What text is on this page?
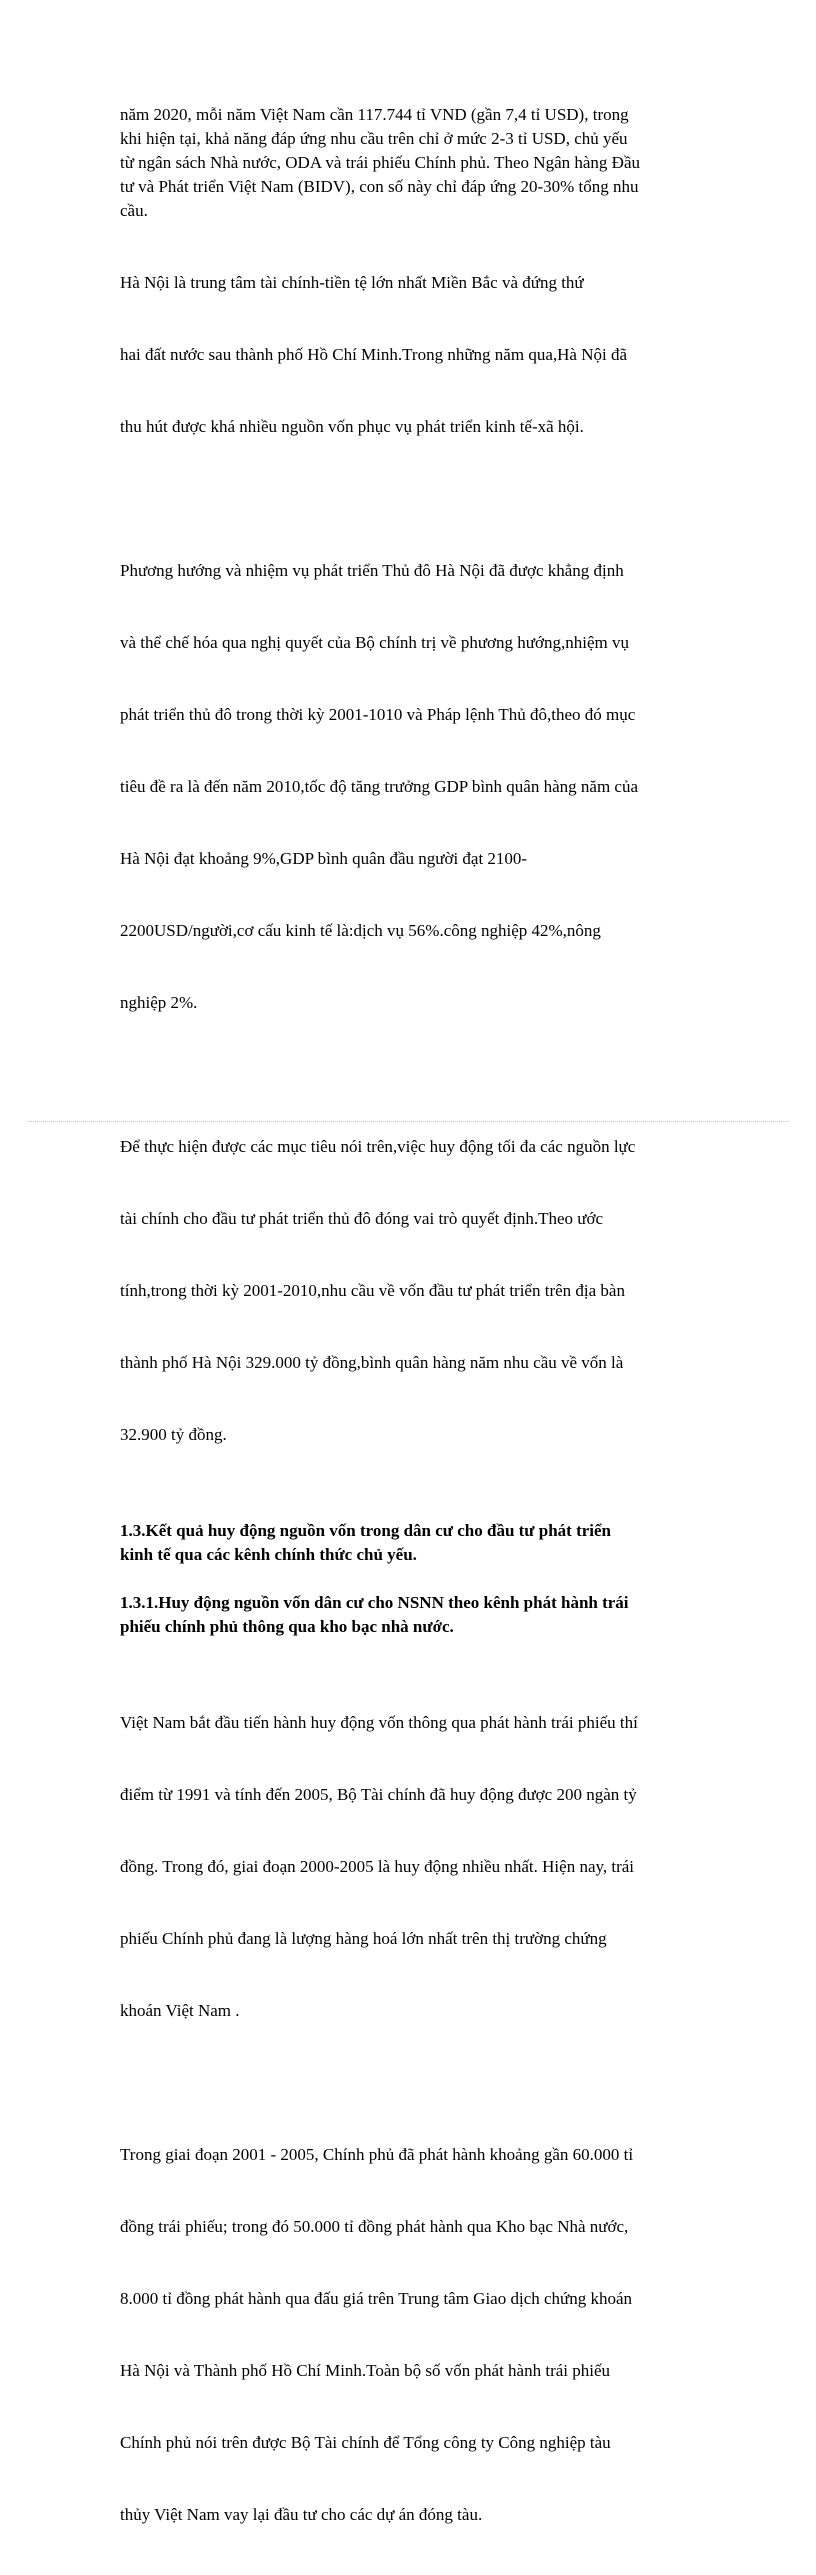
năm 2020, mỗi năm Việt Nam cần 117.744 tỉ VND (gần 7,4 tỉ USD), trong
khi hiện tại, khả năng đáp ứng nhu cầu trên chỉ ở mức 2-3 tỉ USD, chủ yếu
từ ngân sách Nhà nước, ODA và trái phiếu Chính phủ. Theo Ngân hàng Đầu
tư và Phát triển Việt Nam (BIDV), con số này chỉ đáp ứng 20-30% tổng nhu
cầu.

Hà Nội là trung tâm tài chính-tiền tệ lớn nhất Miền Bắc và đứng thứ

hai đất nước sau thành phố Hồ Chí Minh.Trong những năm qua,Hà Nội đã

thu hút được khá nhiều nguồn vốn phục vụ phát triển kinh tế-xã hội.

Phương hướng và nhiệm vụ phát triển Thủ đô Hà Nội đã được khẳng định

và thể chế hóa qua nghị quyết của Bộ chính trị về phương hướng,nhiệm vụ

phát triển thủ đô trong thời kỳ 2001-1010 và Pháp lệnh Thủ đô,theo đó mục

tiêu đề ra là đến năm 2010,tốc độ tăng trưởng GDP bình quân hàng năm của

Hà Nội đạt khoảng 9%,GDP bình quân đầu người đạt 2100-

2200USD/người,cơ cấu kinh tế là:dịch vụ 56%.công nghiệp 42%,nông

nghiệp 2%.

Để thực hiện được các mục tiêu nói trên,việc huy động tối đa các nguồn lực

tài chính cho đầu tư phát triển thủ đô đóng vai trò quyết định.Theo ước

tính,trong thời kỳ 2001-2010,nhu cầu về vốn đầu tư phát triển trên địa bàn

thành phố Hà Nội 329.000 tỷ đồng,bình quân hàng năm nhu cầu về vốn là

32.900 tỷ đồng.

1.3.Kết quả huy động nguồn vốn trong dân cư cho đầu tư phát triển
kinh tế qua các kênh chính thức chủ yếu.
1.3.1.Huy động nguồn vốn dân cư cho NSNN theo kênh phát hành trái
phiếu chính phủ thông qua kho bạc nhà nước.

Việt Nam bắt đầu tiến hành huy động vốn thông qua phát hành trái phiếu thí

điểm từ 1991 và tính đến 2005, Bộ Tài chính đã huy động được 200 ngàn tỷ

đồng. Trong đó, giai đoạn 2000-2005 là huy động nhiều nhất. Hiện nay, trái

phiếu Chính phủ đang là lượng hàng hoá lớn nhất trên thị trường chứng

khoán Việt Nam .

Trong giai đoạn 2001 - 2005, Chính phủ đã phát hành khoảng gần 60.000 tỉ

đồng trái phiếu; trong đó 50.000 tỉ đồng phát hành qua Kho bạc Nhà nước,

8.000 tỉ đồng phát hành qua đấu giá trên Trung tâm Giao dịch chứng khoán

Hà Nội và Thành phố Hồ Chí Minh.Toàn bộ số vốn phát hành trái phiếu

Chính phủ nói trên được Bộ Tài chính để Tổng công ty Công nghiệp tàu

thủy Việt Nam vay lại đầu tư cho các dự án đóng tàu.
